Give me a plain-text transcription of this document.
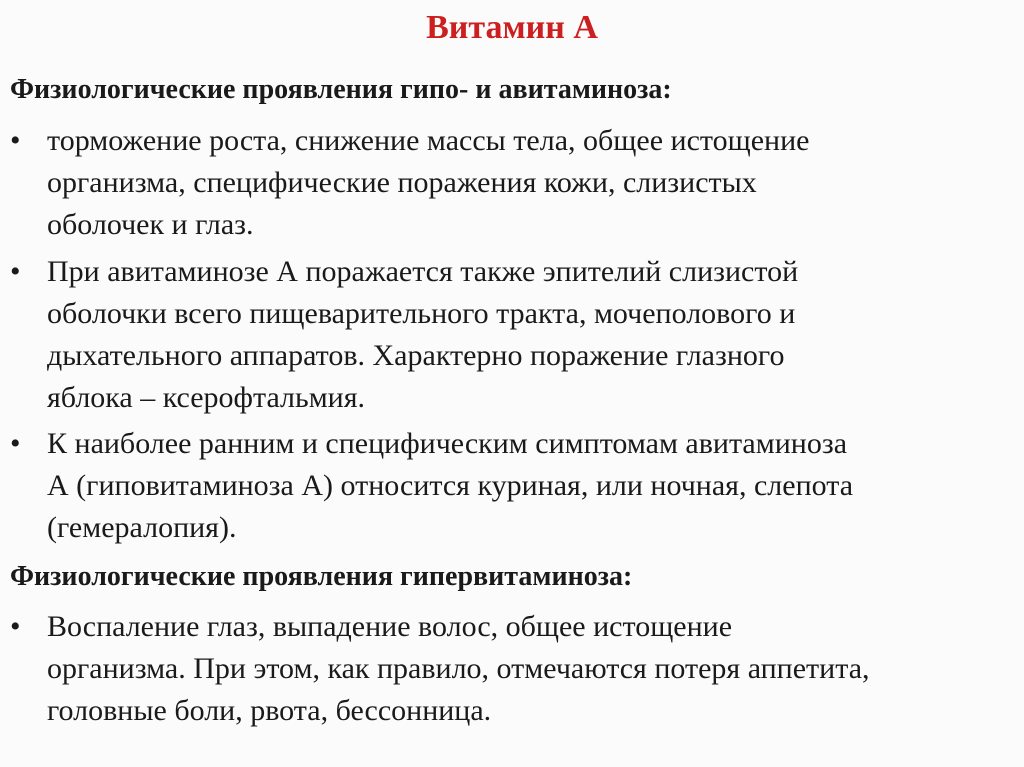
Витамин А
Физиологические проявления гипо- и авитаминоза:
• торможение роста, снижение массы тела, общее истощение
организма, специфические поражения кожи, слизистых
оболочек и глаз.
• При авитаминозе А поражается также эпителий слизистой
оболочки всего пищеварительного тракта, мочеполового и
дыхательного аппаратов. Характерно поражение глазного
яблока – ксерофтальмия.
• К наиболее ранним и специфическим симптомам авитаминоза
А (гиповитаминоза А) относится куриная, или ночная, слепота
(гемералопия).
Физиологические проявления гипервитаминоза:
• Воспаление глаз, выпадение волос, общее истощение
организма. При этом, как правило, отмечаются потеря аппетита,
головные боли, рвота, бессонница.
